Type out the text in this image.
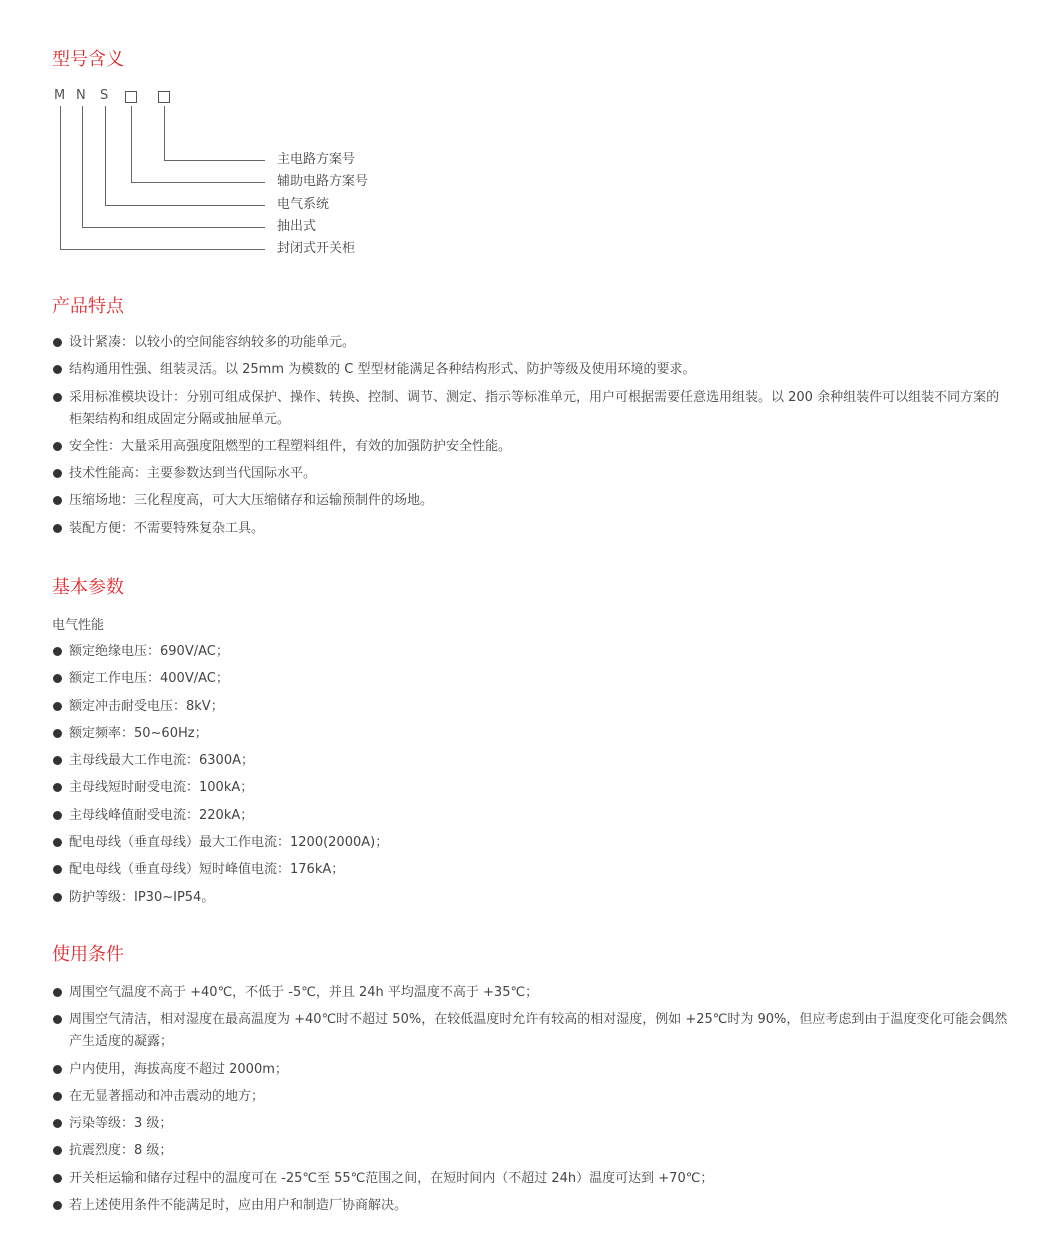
型号含义
M N S
主电路方案号
辅助电路方案号
电气系统
抽出式
封闭式开关柜
产品特点
设计紧凑：以较小的空间能容纳较多的功能单元。
结构通用性强、组装灵活。以 25mm 为模数的 C 型型材能满足各种结构形式、防护等级及使用环境的要求。
采用标准模块设计：分别可组成保护、操作、转换、控制、调节、测定、指示等标准单元，用户可根据需要任意选用组装。以 200 余种组装件可以组装不同方案的柜架结构和组成固定分隔或抽屉单元。
安全性：大量采用高强度阻燃型的工程塑料组件，有效的加强防护安全性能。
技术性能高：主要参数达到当代国际水平。
压缩场地：三化程度高，可大大压缩储存和运输预制件的场地。
装配方便：不需要特殊复杂工具。
基本参数
电气性能
额定绝缘电压：690V/AC；
额定工作电压：400V/AC；
额定冲击耐受电压：8kV；
额定频率：50~60Hz；
主母线最大工作电流：6300A；
主母线短时耐受电流：100kA；
主母线峰值耐受电流：220kA；
配电母线（垂直母线）最大工作电流：1200(2000A)；
配电母线（垂直母线）短时峰值电流：176kA；
防护等级：IP30~IP54。
使用条件
周围空气温度不高于 +40℃，不低于 -5℃，并且 24h 平均温度不高于 +35℃；
周围空气清洁，相对湿度在最高温度为 +40℃时不超过 50%，在较低温度时允许有较高的相对湿度，例如 +25℃时为 90%，但应考虑到由于温度变化可能会偶然产生适度的凝露；
户内使用，海拔高度不超过 2000m；
在无显著摇动和冲击震动的地方；
污染等级：3 级；
抗震烈度：8 级；
开关柜运输和储存过程中的温度可在 -25℃至 55℃范围之间，在短时间内（不超过 24h）温度可达到 +70℃；
若上述使用条件不能满足时，应由用户和制造厂协商解决。
